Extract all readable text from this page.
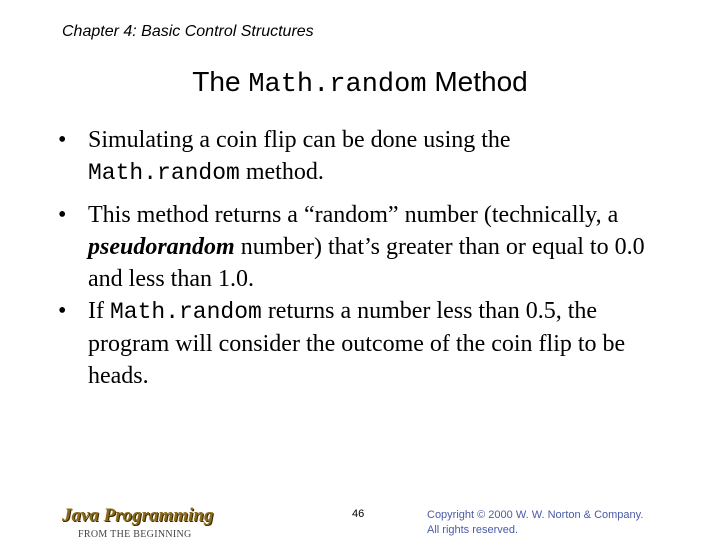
Chapter 4: Basic Control Structures
The Math.random Method
• Simulating a coin flip can be done using the Math.random method.
• This method returns a “random” number (technically, a pseudorandom number) that’s greater than or equal to 0.0 and less than 1.0.
• If Math.random returns a number less than 0.5, the program will consider the outcome of the coin flip to be heads.
Java Programming
FROM THE BEGINNING
46	Copyright © 2000 W. W. Norton & Company.
All rights reserved.
